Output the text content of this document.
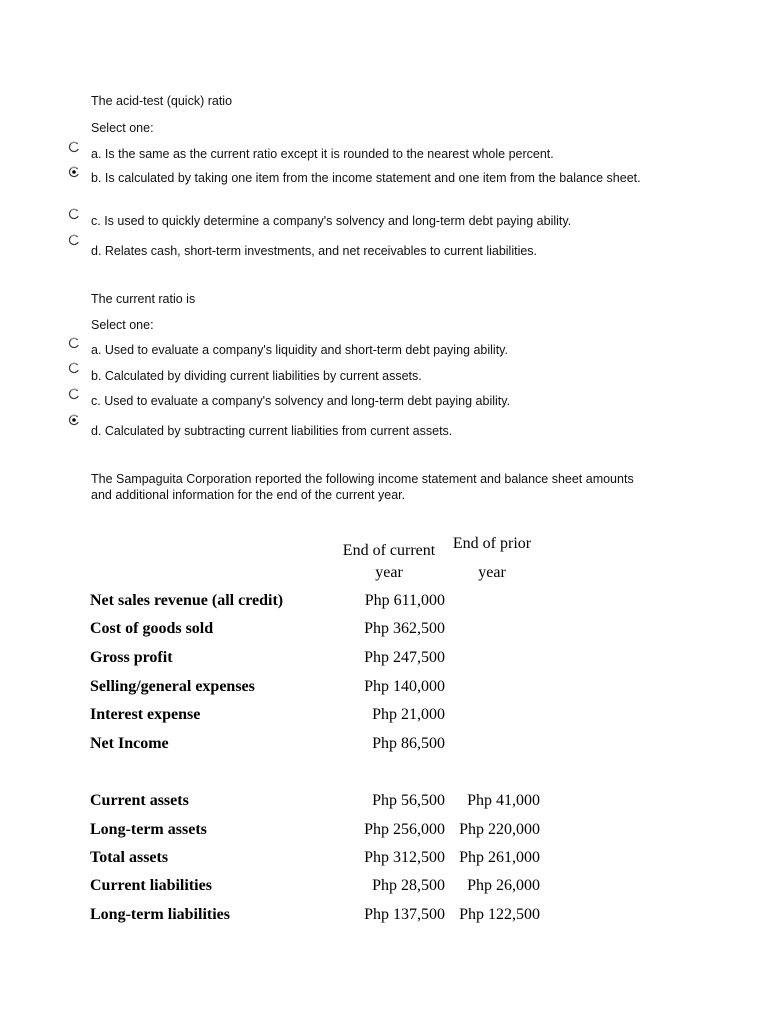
The acid-test (quick) ratio
Select one:
a. Is the same as the current ratio except it is rounded to the nearest whole percent.
b. Is calculated by taking one item from the income statement and one item from the balance sheet.
c. Is used to quickly determine a company's solvency and long-term debt paying ability.
d. Relates cash, short-term investments, and net receivables to current liabilities.
The current ratio is
Select one:
a. Used to evaluate a company's liquidity and short-term debt paying ability.
b. Calculated by dividing current liabilities by current assets.
c. Used to evaluate a company's solvency and long-term debt paying ability.
d. Calculated by subtracting current liabilities from current assets.
The Sampaguita Corporation reported the following income statement and balance sheet amounts and additional information for the end of the current year.
End of current
year
End of prior
year
Net sales revenue (all credit)	Php 611,000
Cost of goods sold	Php 362,500
Gross profit	Php 247,500
Selling/general expenses	Php 140,000
Interest expense	Php 21,000
Net Income	Php 86,500
Current assets	Php 56,500	Php 41,000
Long-term assets	Php 256,000 Php 220,000
Total assets	Php 312,500 Php 261,000
Current liabilities	Php 28,500	Php 26,000
Long-term liabilities	Php 137,500 Php 122,500
